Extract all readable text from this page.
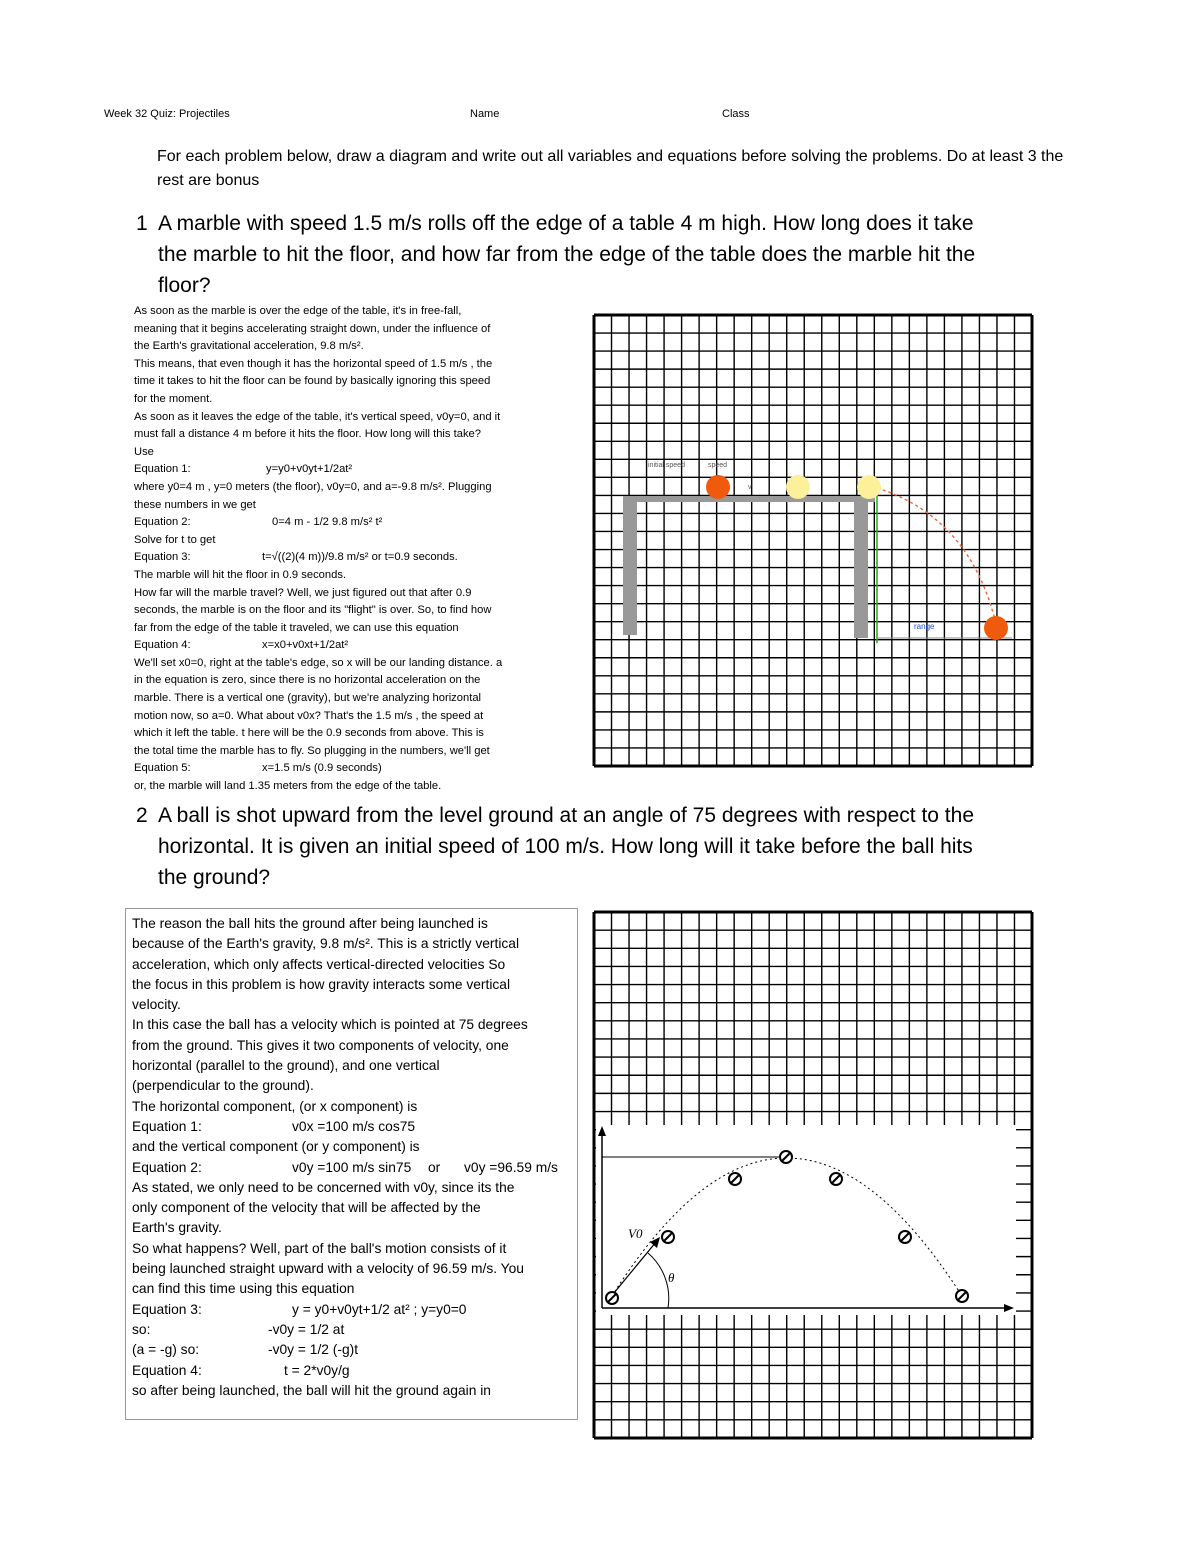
Week 32 Quiz: Projectiles	Name	Class
For each problem below, draw a diagram and write out all variables and equations before solving the problems. Do at least 3 the rest are bonus
1 A marble with speed 1.5 m/s rolls off the edge of a table 4 m high. How long does it take
the marble to hit the floor, and how far from the edge of the table does the marble hit the
floor?
As soon as the marble is over the edge of the table, it's in free-fall,
meaning that it begins accelerating straight down, under the influence of
the Earth's gravitational acceleration, 9.8 m/s².
This means, that even though it has the horizontal speed of 1.5 m/s , the
time it takes to hit the floor can be found by basically ignoring this speed
for the moment.
As soon as it leaves the edge of the table, it's vertical speed, v0y=0, and it
must fall a distance 4 m before it hits the floor. How long will this take?
Use
Equation 1:	y=y0+v0yt+1/2at²
where y0=4 m , y=0 meters (the floor), v0y=0, and a=-9.8 m/s². Plugging
these numbers in we get
Equation 2:	0=4 m - 1/2 9.8 m/s² t²
Solve for t to get
Equation 3:	t=√((2)(4 m))/9.8 m/s² or t=0.9 seconds.
The marble will hit the floor in 0.9 seconds.
How far will the marble travel? Well, we just figured out that after 0.9
seconds, the marble is on the floor and its "flight" is over. So, to find how
far from the edge of the table it traveled, we can use this equation
Equation 4:	x=x0+v0xt+1/2at²
We'll set x0=0, right at the table's edge, so x will be our landing distance. a
in the equation is zero, since there is no horizontal acceleration on the
marble. There is a vertical one (gravity), but we're analyzing horizontal
motion now, so a=0. What about v0x? That's the 1.5 m/s , the speed at
which it left the table. t here will be the 0.9 seconds from above. This is
the total time the marble has to fly. So plugging in the numbers, we'll get
Equation 5:	x=1.5 m/s (0.9 seconds)
or, the marble will land 1.35 meters from the edge of the table.
initial speed	speed
v
range
2 A ball is shot upward from the level ground at an angle of 75 degrees with respect to the
horizontal. It is given an initial speed of 100 m/s. How long will it take before the ball hits
the ground?
The reason the ball hits the ground after being launched is
because of the Earth's gravity, 9.8 m/s². This is a strictly vertical
acceleration, which only affects vertical-directed velocities So
the focus in this problem is how gravity interacts some vertical
velocity.
In this case the ball has a velocity which is pointed at 75 degrees
from the ground. This gives it two components of velocity, one
horizontal (parallel to the ground), and one vertical
(perpendicular to the ground).
The horizontal component, (or x component) is
Equation 1:	v0x =100 m/s cos75
and the vertical component (or y component) is
Equation 2:	v0y =100 m/s sin75 or v0y =96.59 m/s
As stated, we only need to be concerned with v0y, since its the
only component of the velocity that will be affected by the
Earth's gravity.
So what happens? Well, part of the ball's motion consists of it
being launched straight upward with a velocity of 96.59 m/s. You
can find this time using this equation
Equation 3:	y = y0+v0yt+1/2 at² ; y=y0=0
so:	-v0y = 1/2 at
(a = -g) so:	-v0y = 1/2 (-g)t
Equation 4:	t = 2*v0y/g
so after being launched, the ball will hit the ground again in
V0
θ
